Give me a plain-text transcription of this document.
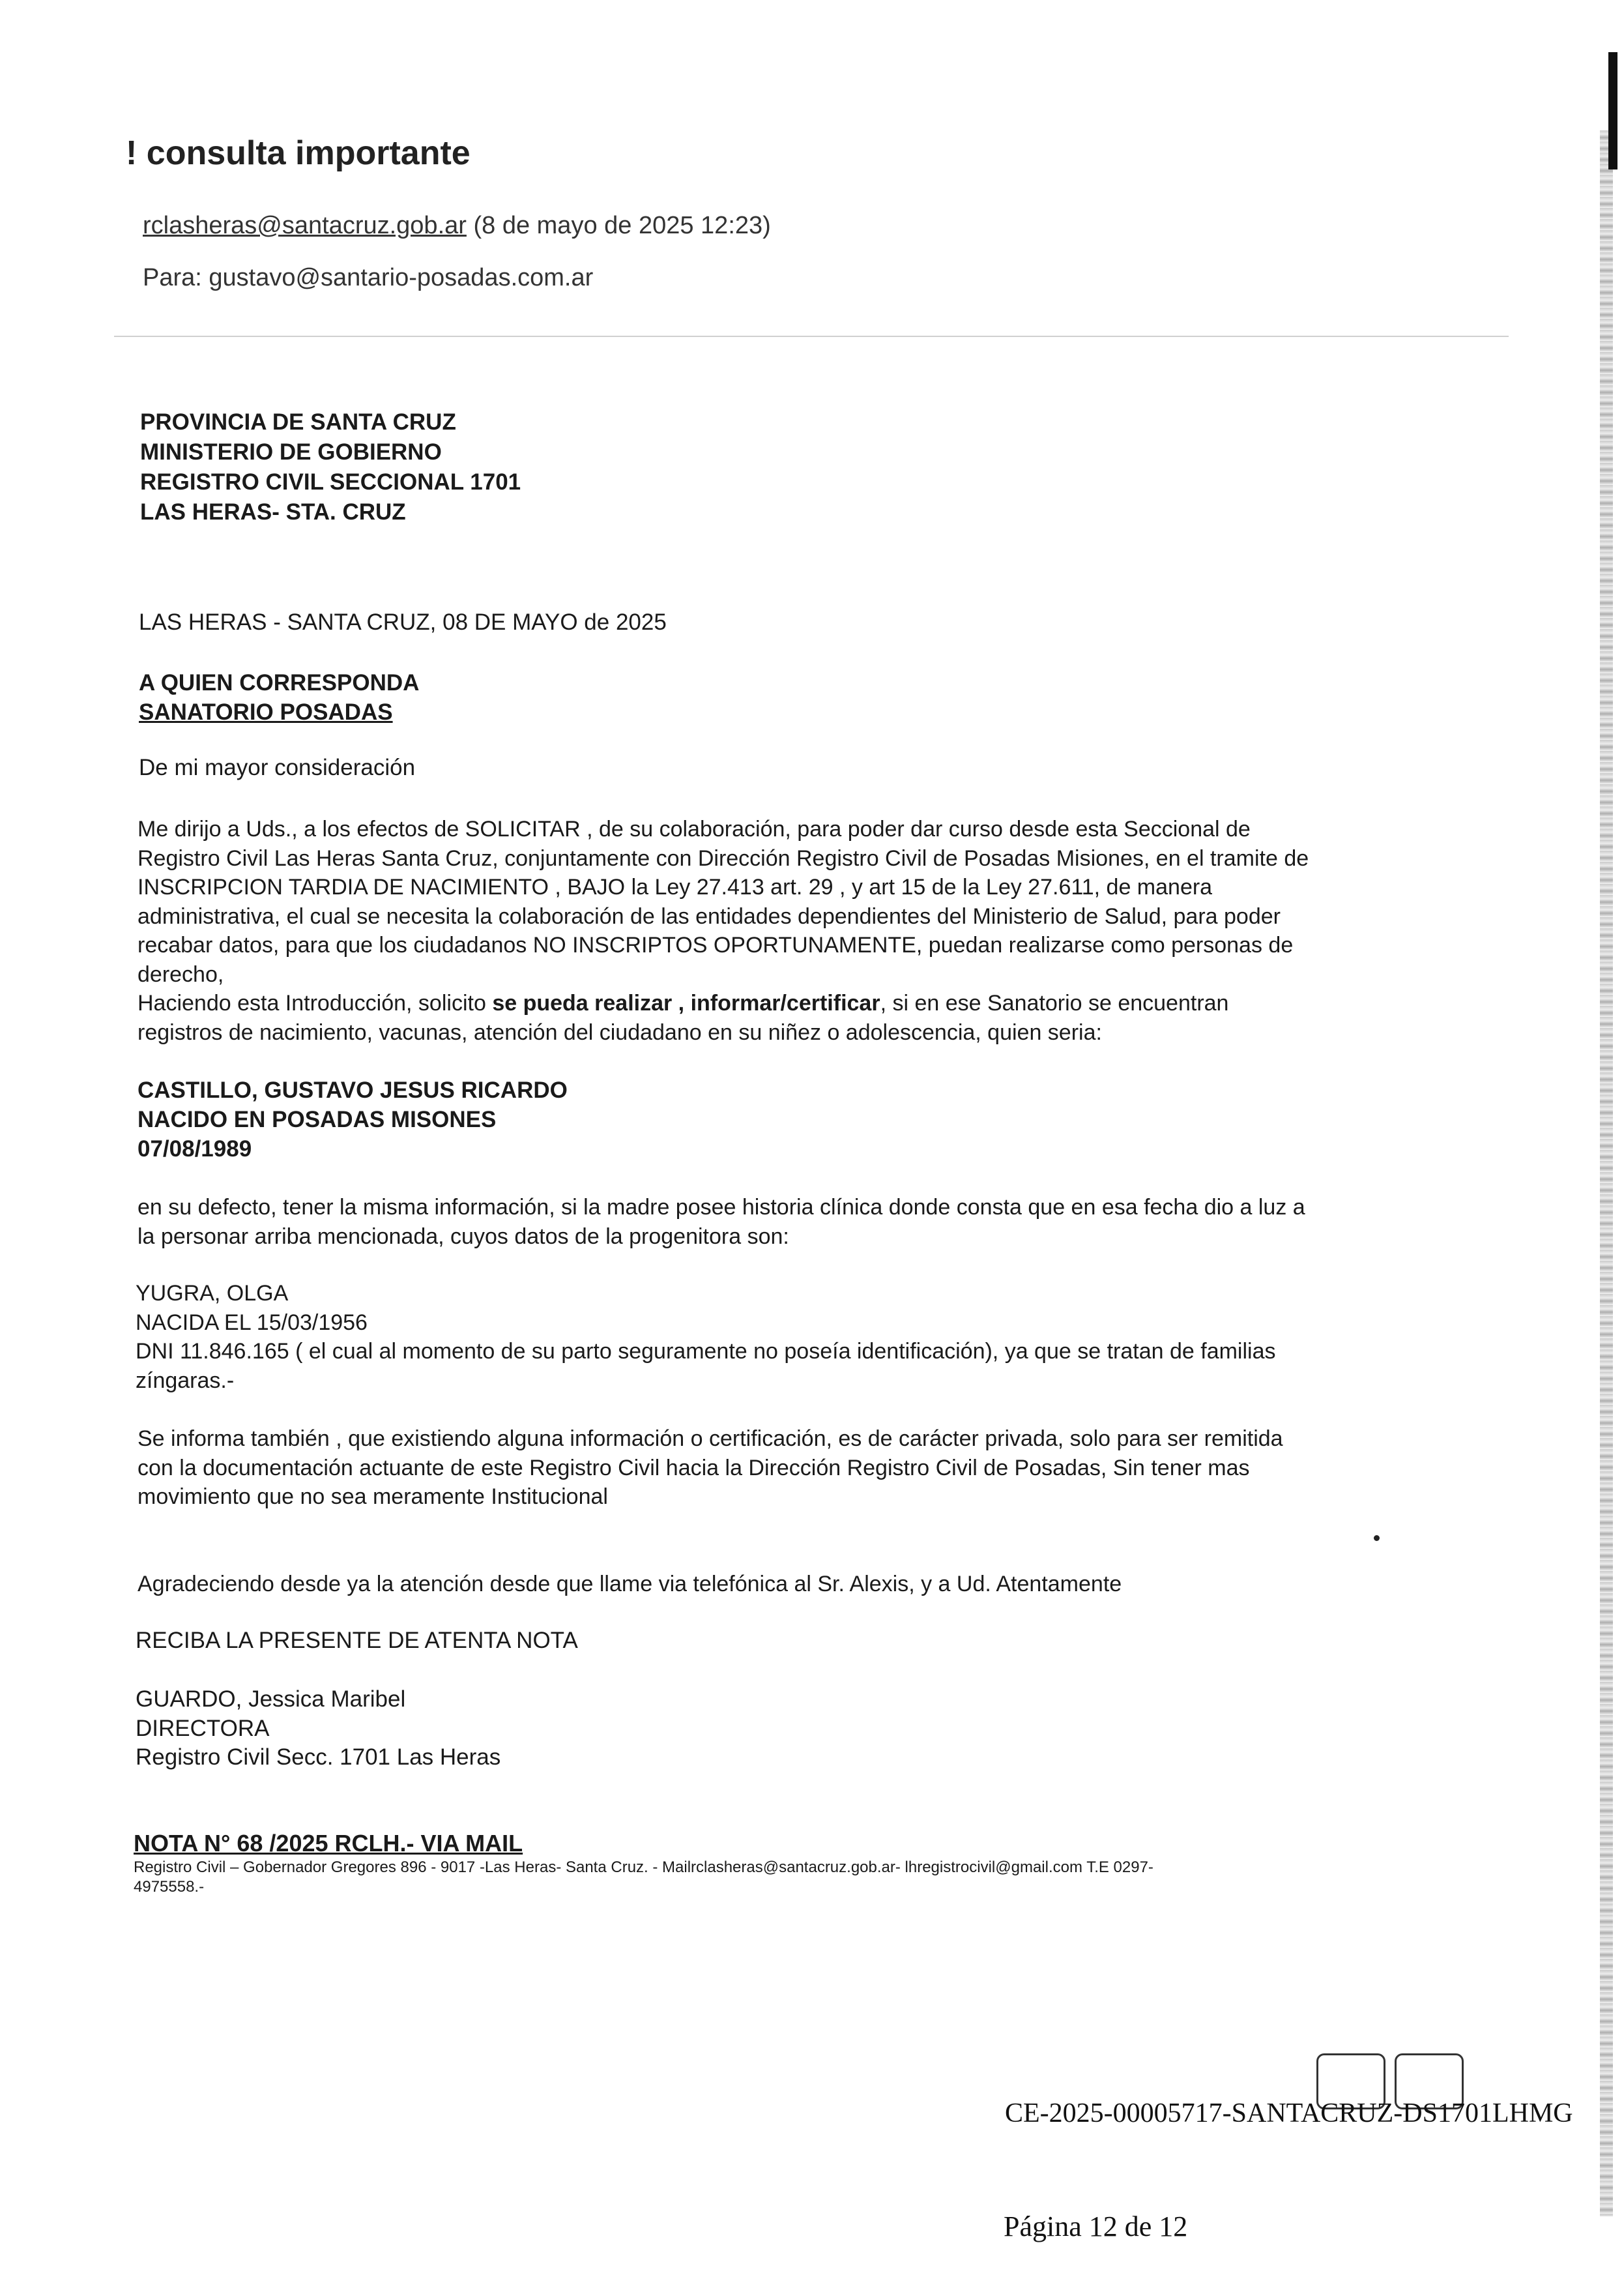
! consulta importante
rclasheras@santacruz.gob.ar (8 de mayo de 2025 12:23)
Para: gustavo@santario-posadas.com.ar
PROVINCIA DE SANTA CRUZ
MINISTERIO DE GOBIERNO
REGISTRO CIVIL SECCIONAL 1701
LAS HERAS- STA. CRUZ
LAS HERAS - SANTA CRUZ, 08 DE MAYO de 2025
A QUIEN CORRESPONDA
SANATORIO POSADAS
De mi mayor consideración
Me dirijo a Uds., a los efectos de SOLICITAR , de su colaboración, para poder dar curso desde esta Seccional de
Registro Civil Las Heras Santa Cruz, conjuntamente con Dirección Registro Civil de Posadas Misiones, en el tramite de
INSCRIPCION TARDIA DE NACIMIENTO , BAJO la Ley 27.413 art. 29 , y art 15 de la Ley 27.611, de manera
administrativa, el cual se necesita la colaboración de las entidades dependientes del Ministerio de Salud, para poder
recabar datos, para que los ciudadanos NO INSCRIPTOS OPORTUNAMENTE, puedan realizarse como personas de
derecho,
Haciendo esta Introducción, solicito se pueda realizar , informar/certificar, si en ese Sanatorio se encuentran
registros de nacimiento, vacunas, atención del ciudadano en su niñez o adolescencia, quien seria:
CASTILLO, GUSTAVO JESUS RICARDO
NACIDO EN POSADAS MISONES
07/08/1989
en su defecto, tener la misma información, si la madre posee historia clínica donde consta que en esa fecha dio a luz a
la personar arriba mencionada, cuyos datos de la progenitora son:
YUGRA, OLGA
NACIDA EL 15/03/1956
DNI 11.846.165 ( el cual al momento de su parto seguramente no poseía identificación), ya que se tratan de familias
zíngaras.-
Se informa también , que existiendo alguna información o certificación, es de carácter privada, solo para ser remitida
con la documentación actuante de este Registro Civil hacia la Dirección Registro Civil de Posadas, Sin tener mas
movimiento que no sea meramente Institucional
Agradeciendo desde ya la atención desde que llame via telefónica al Sr. Alexis, y a Ud. Atentamente
RECIBA LA PRESENTE DE ATENTA NOTA
GUARDO, Jessica Maribel
DIRECTORA
Registro Civil Secc. 1701 Las Heras
NOTA N° 68 /2025 RCLH.- VIA MAIL
Registro Civil – Gobernador Gregores 896 - 9017 -Las Heras- Santa Cruz. - Mailrclasheras@santacruz.gob.ar- lhregistrocivil@gmail.com T.E 0297-
4975558.-
CE-2025-00005717-SANTACRUZ-DS1701LHMG
Página 12 de 12
